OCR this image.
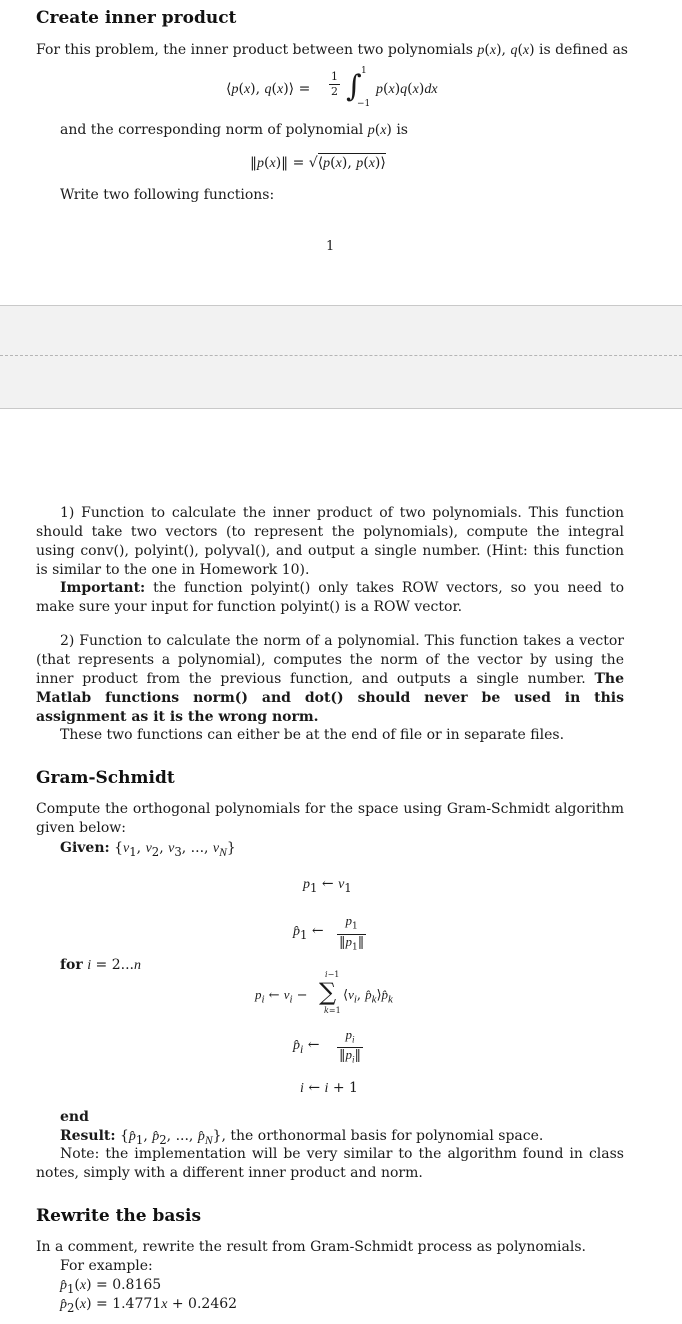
Create inner product
For this problem, the inner product between two polynomials p(x), q(x) is defined as
⟨p(x), q(x)⟩ = $\frac{1}{2}$ ∫ 1
−1
p(x)q(x)dx
and the corresponding norm of polynomial p(x) is
‖p(x)‖ = √⟨p(x), p(x)⟩
Write two following functions:
1
1) Function to calculate the inner product of two polynomials. This function should take two vectors (to represent the polynomials), compute the integral using conv(), polyint(), polyval(), and output a single number. (Hint: this function is similar to the one in Homework 10).
Important: the function polyint() only takes ROW vectors, so you need to make sure your input for function polyint() is a ROW vector.
2) Function to calculate the norm of a polynomial. This function takes a vector (that represents a polynomial), computes the norm of the vector by using the inner product from the previous function, and outputs a single number. The Matlab functions norm() and dot() should never be used in this assignment as it is the wrong norm.
These two functions can either be at the end of file or in separate files.
Gram-Schmidt
Compute the orthogonal polynomials for the space using Gram-Schmidt algorithm given below:
Given: {$v_1$, $v_2$, $v_3$, ..., $v_N$}
$p_1$ ← $v_1$
$p̂_1$ ← $\frac{p_1}{‖p_1‖}$
for i = 2...n
$p_i$ ← $v_i$ −
i−1
∑
k=1
$⟨v_i$, $p̂_k⟩p̂_k$
$p̂_i$ ← $\frac{p_i}{‖p_i‖}$
i ← i + 1
end
Result: {$p̂_1$, $p̂_2$, ..., $p̂_N$}, the orthonormal basis for polynomial space.
Note: the implementation will be very similar to the algorithm found in class notes, simply with a different inner product and norm.
Rewrite the basis
In a comment, rewrite the result from Gram-Schmidt process as polynomials.
For example:
$p̂_1(x) = 0.8165$
$p̂_2(x) = 1.4771x + 0.2462$
